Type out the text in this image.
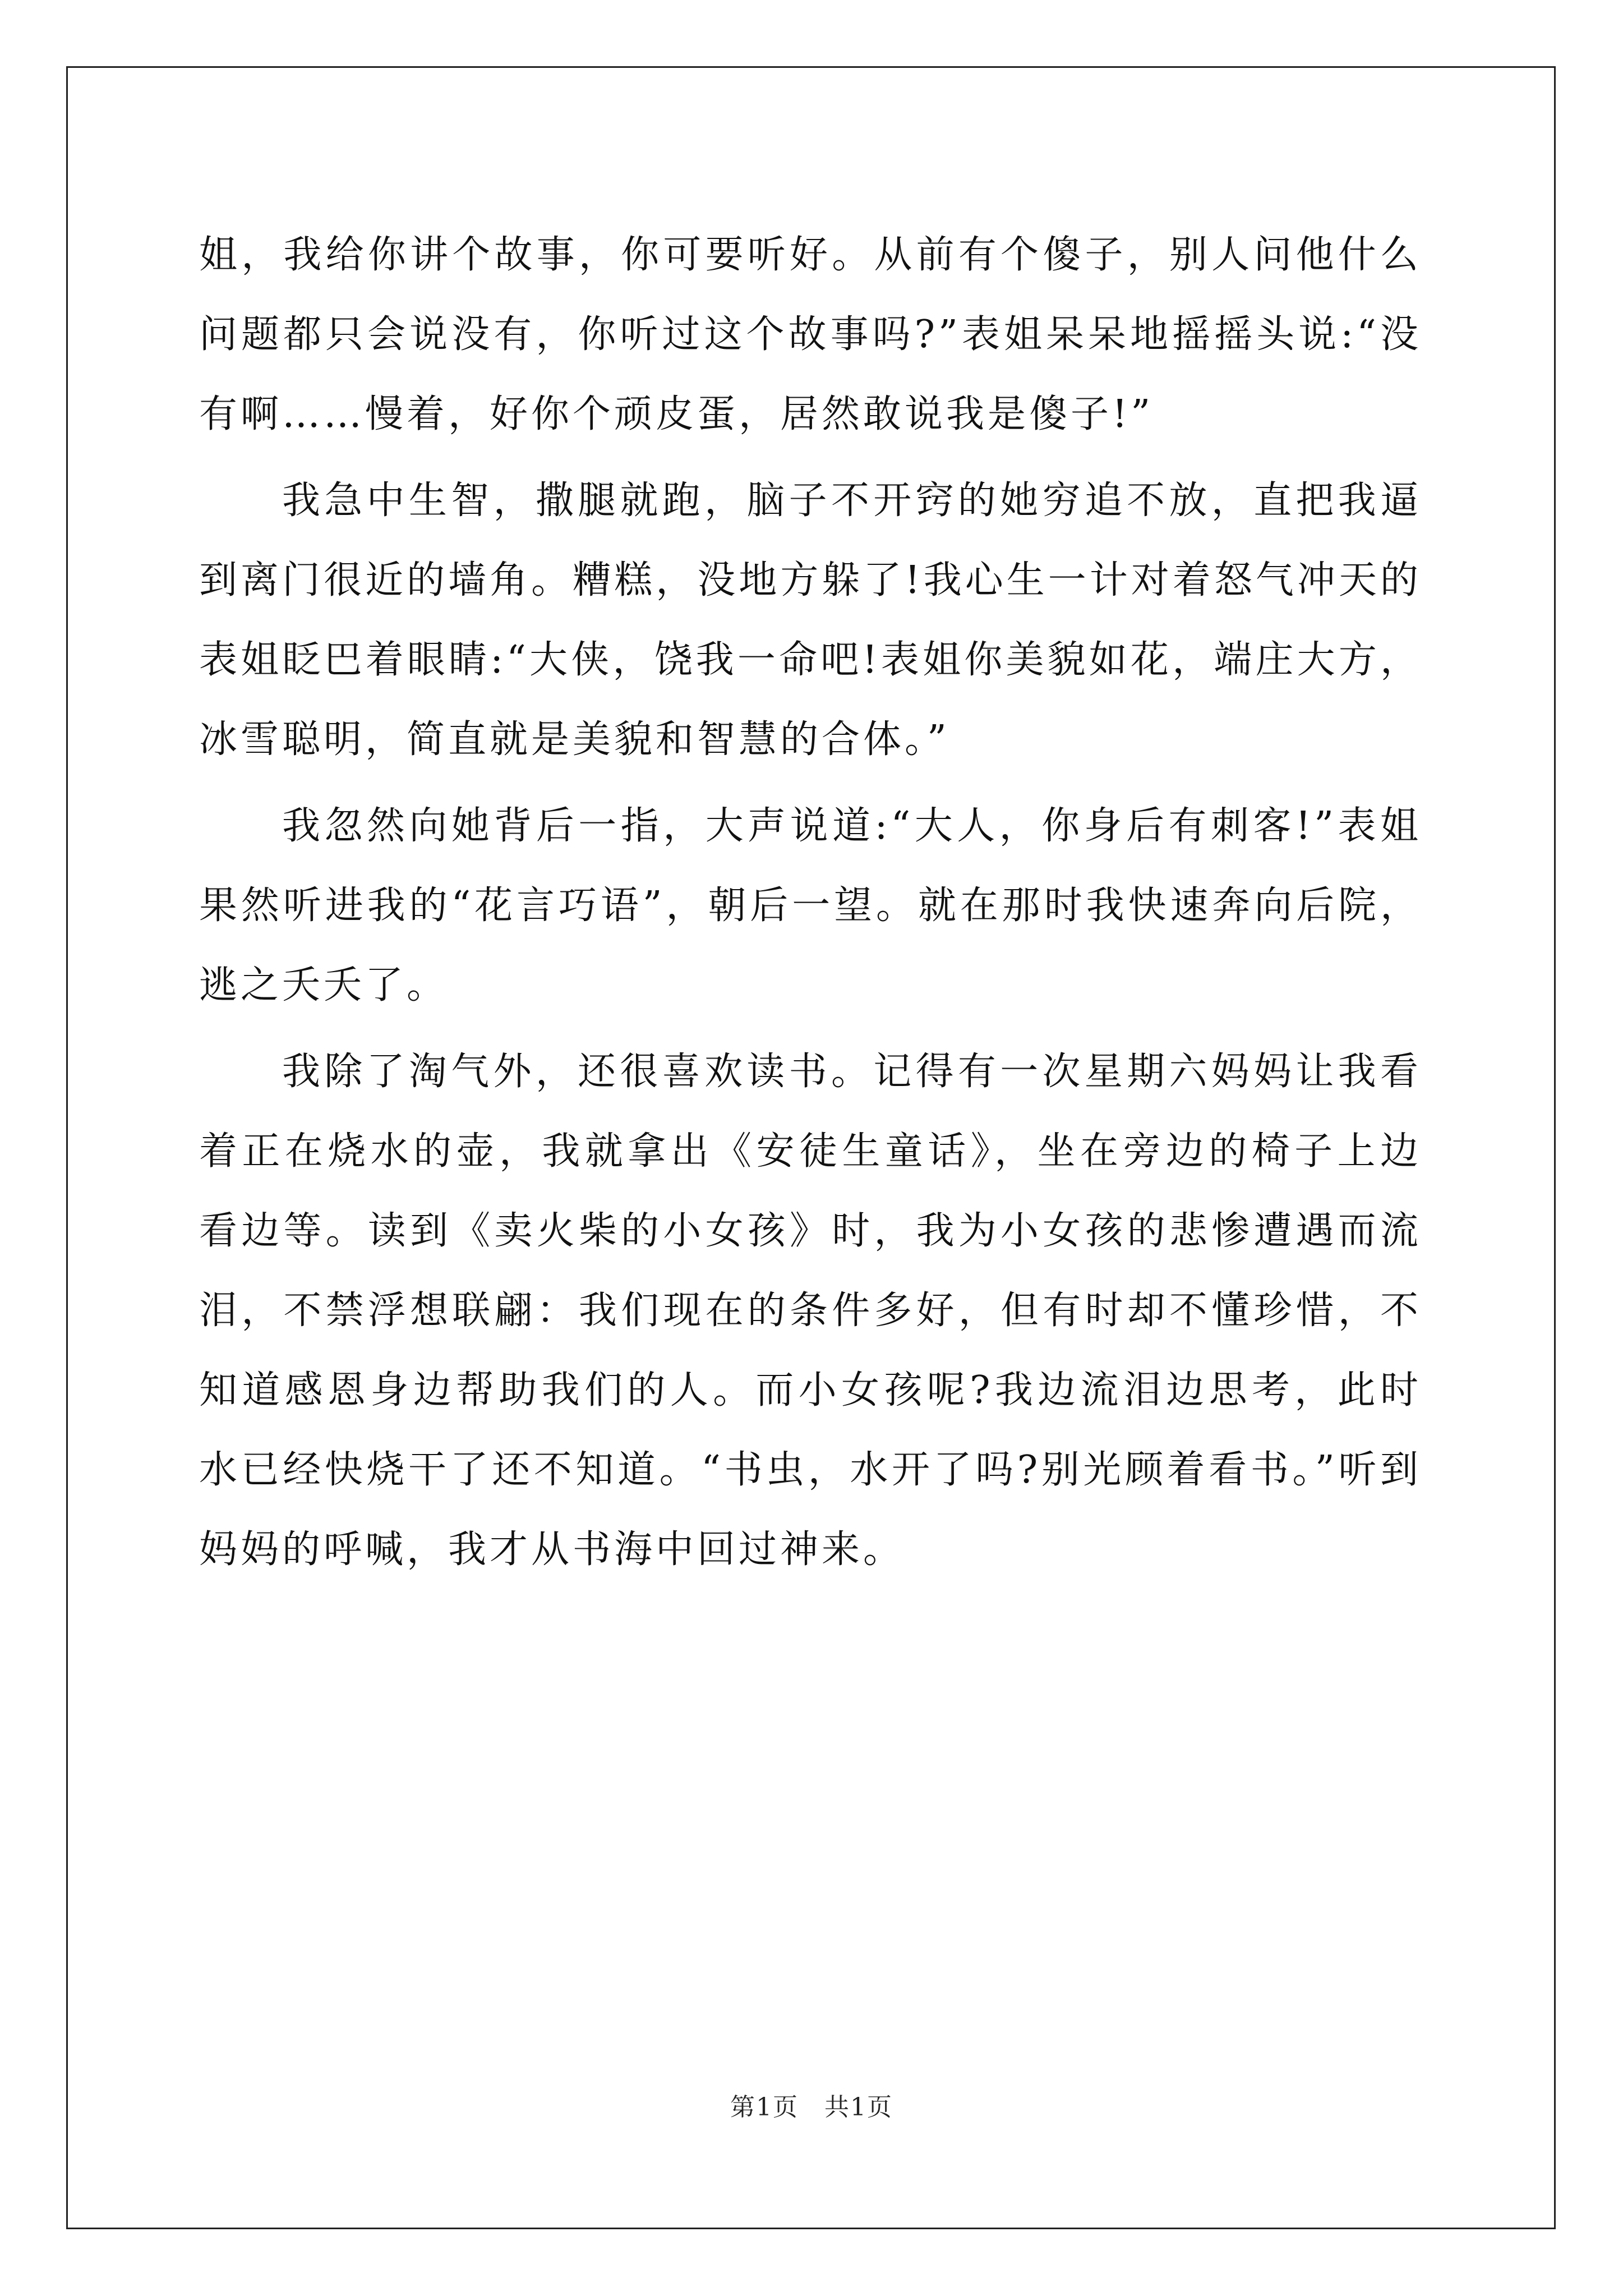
姐，我给你讲个故事，你可要听好。从前有个傻子，别人问他什么问题都只会说没有，你听过这个故事吗?”表姐呆呆地摇摇头说:“没有啊……慢着，好你个顽皮蛋，居然敢说我是傻子!”

我急中生智，撒腿就跑，脑子不开窍的她穷追不放，直把我逼到离门很近的墙角。糟糕，没地方躲了!我心生一计对着怒气冲天的表姐眨巴着眼睛:“大侠，饶我一命吧!表姐你美貌如花，端庄大方，冰雪聪明，简直就是美貌和智慧的合体。”

我忽然向她背后一指，大声说道:“大人，你身后有刺客!”表姐果然听进我的“花言巧语”，朝后一望。就在那时我快速奔向后院，逃之夭夭了。

我除了淘气外，还很喜欢读书。记得有一次星期六妈妈让我看着正在烧水的壶，我就拿出《安徒生童话》，坐在旁边的椅子上边看边等。读到《卖火柴的小女孩》时，我为小女孩的悲惨遭遇而流泪，不禁浮想联翩：我们现在的条件多好，但有时却不懂珍惜，不知道感恩身边帮助我们的人。而小女孩呢?我边流泪边思考，此时水已经快烧干了还不知道。“书虫，水开了吗?别光顾着看书。”听到妈妈的呼喊，我才从书海中回过神来。

第1页　共1页
